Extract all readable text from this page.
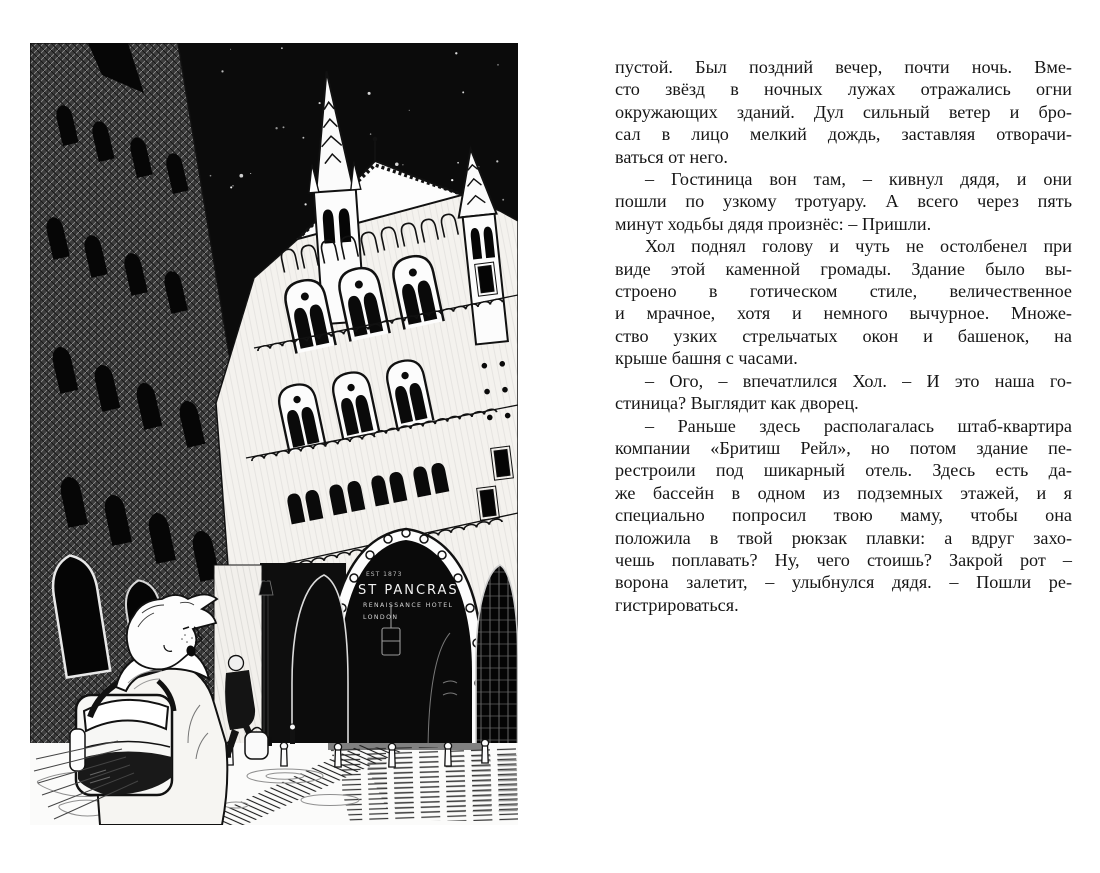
EST 1873
ST PANCRAS
RENAISSANCE HOTEL
LONDON
пустой. Был поздний вечер, почти ночь. Вме-
сто звёзд в ночных лужах отражались огни
окружающих зданий. Дул сильный ветер и бро-
сал в лицо мелкий дождь, заставляя отворачи-
ваться от него.
– Гостиница вон там, – кивнул дядя, и они
пошли по узкому тротуару. А всего через пять
минут ходьбы дядя произнёс: – Пришли.
Хол поднял голову и чуть не остолбенел при
виде этой каменной громады. Здание было вы-
строено в готическом стиле, величественное
и мрачное, хотя и немного вычурное. Множе-
ство узких стрельчатых окон и башенок, на
крыше башня с часами.
– Ого, – впечатлился Хол. – И это наша го-
стиница? Выглядит как дворец.
– Раньше здесь располагалась штаб-квартира
компании «Бритиш Рейл», но потом здание пе-
рестроили под шикарный отель. Здесь есть да-
же бассейн в одном из подземных этажей, и я
специально попросил твою маму, чтобы она
положила в твой рюкзак плавки: а вдруг захо-
чешь поплавать? Ну, чего стоишь? Закрой рот –
ворона залетит, – улыбнулся дядя. – Пошли ре-
гистрироваться.
